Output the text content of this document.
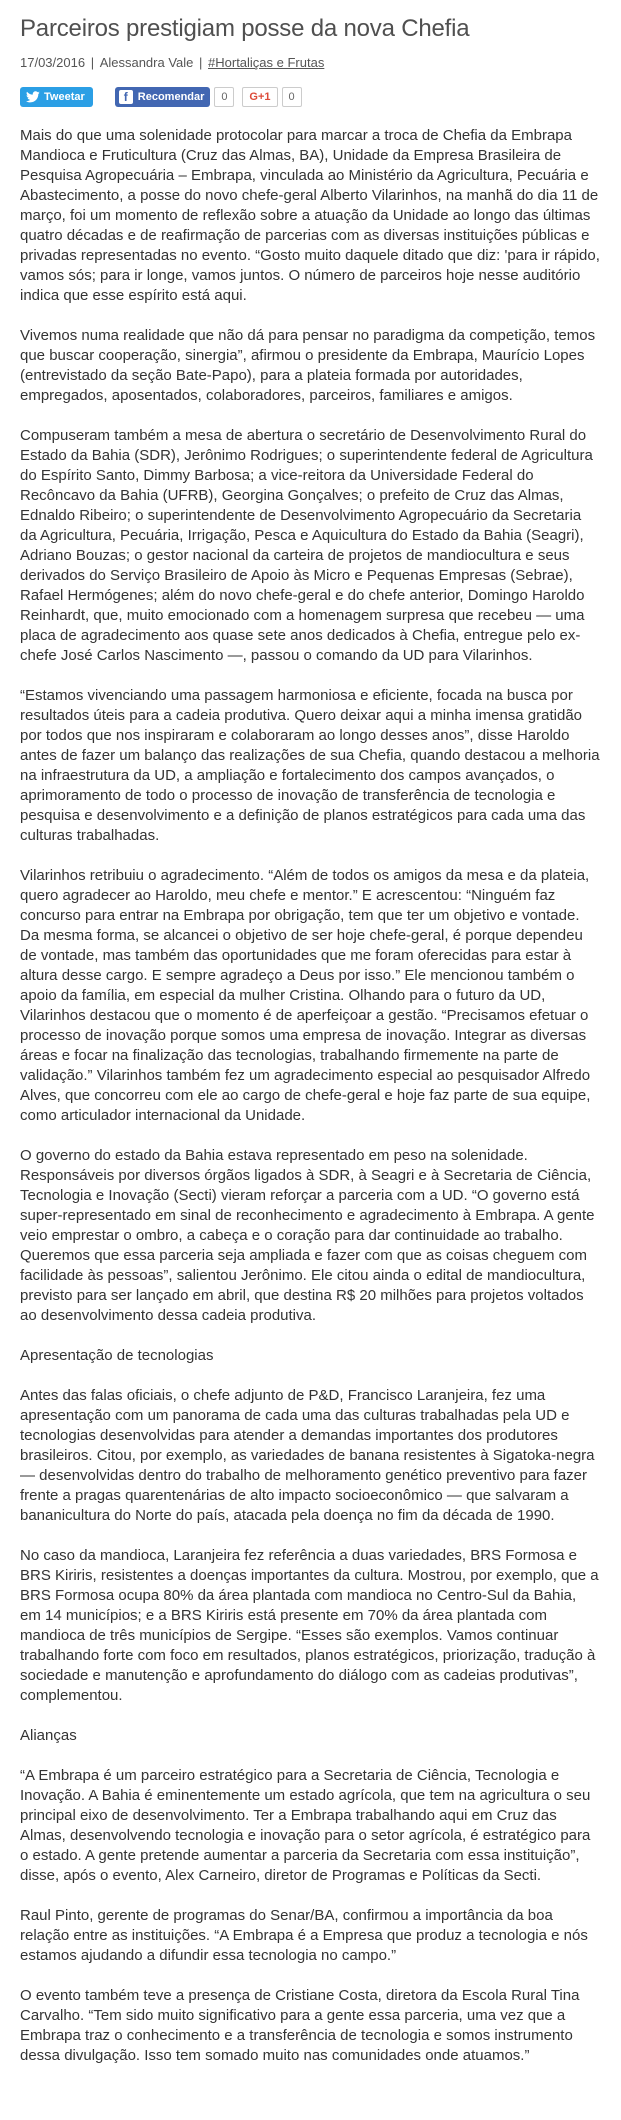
Parceiros prestigiam posse da nova Chefia
17/03/2016 | Alessandra Vale | #Hortaliças e Frutas
Tweetar	f Recomendar	0	G+1	0

Mais do que uma solenidade protocolar para marcar a troca de Chefia da Embrapa Mandioca e Fruticultura (Cruz das Almas, BA), Unidade da Empresa Brasileira de Pesquisa Agropecuária – Embrapa, vinculada ao Ministério da Agricultura, Pecuária e Abastecimento, a posse do novo chefe-geral Alberto Vilarinhos, na manhã do dia 11 de março, foi um momento de reflexão sobre a atuação da Unidade ao longo das últimas quatro décadas e de reafirmação de parcerias com as diversas instituições públicas e privadas representadas no evento. “Gosto muito daquele ditado que diz: 'para ir rápido, vamos sós; para ir longe, vamos juntos. O número de parceiros hoje nesse auditório indica que esse espírito está aqui.

Vivemos numa realidade que não dá para pensar no paradigma da competição, temos que buscar cooperação, sinergia”, afirmou o presidente da Embrapa, Maurício Lopes (entrevistado da seção Bate-Papo), para a plateia formada por autoridades, empregados, aposentados, colaboradores, parceiros, familiares e amigos.

Compuseram também a mesa de abertura o secretário de Desenvolvimento Rural do Estado da Bahia (SDR), Jerônimo Rodrigues; o superintendente federal de Agricultura do Espírito Santo, Dimmy Barbosa; a vice-reitora da Universidade Federal do Recôncavo da Bahia (UFRB), Georgina Gonçalves; o prefeito de Cruz das Almas, Ednaldo Ribeiro; o superintendente de Desenvolvimento Agropecuário da Secretaria da Agricultura, Pecuária, Irrigação, Pesca e Aquicultura do Estado da Bahia (Seagri), Adriano Bouzas; o gestor nacional da carteira de projetos de mandiocultura e seus derivados do Serviço Brasileiro de Apoio às Micro e Pequenas Empresas (Sebrae), Rafael Hermógenes; além do novo chefe-geral e do chefe anterior, Domingo Haroldo Reinhardt, que, muito emocionado com a homenagem surpresa que recebeu — uma placa de agradecimento aos quase sete anos dedicados à Chefia, entregue pelo ex-chefe José Carlos Nascimento —, passou o comando da UD para Vilarinhos.

“Estamos vivenciando uma passagem harmoniosa e eficiente, focada na busca por resultados úteis para a cadeia produtiva. Quero deixar aqui a minha imensa gratidão por todos que nos inspiraram e colaboraram ao longo desses anos”, disse Haroldo antes de fazer um balanço das realizações de sua Chefia, quando destacou a melhoria na infraestrutura da UD, a ampliação e fortalecimento dos campos avançados, o aprimoramento de todo o processo de inovação de transferência de tecnologia e pesquisa e desenvolvimento e a definição de planos estratégicos para cada uma das culturas trabalhadas.

Vilarinhos retribuiu o agradecimento. “Além de todos os amigos da mesa e da plateia, quero agradecer ao Haroldo, meu chefe e mentor.” E acrescentou: “Ninguém faz concurso para entrar na Embrapa por obrigação, tem que ter um objetivo e vontade. Da mesma forma, se alcancei o objetivo de ser hoje chefe-geral, é porque dependeu de vontade, mas também das oportunidades que me foram oferecidas para estar à altura desse cargo. E sempre agradeço a Deus por isso.” Ele mencionou também o apoio da família, em especial da mulher Cristina. Olhando para o futuro da UD, Vilarinhos destacou que o momento é de aperfeiçoar a gestão. “Precisamos efetuar o processo de inovação porque somos uma empresa de inovação. Integrar as diversas áreas e focar na finalização das tecnologias, trabalhando firmemente na parte de validação.” Vilarinhos também fez um agradecimento especial ao pesquisador Alfredo Alves, que concorreu com ele ao cargo de chefe-geral e hoje faz parte de sua equipe, como articulador internacional da Unidade.

O governo do estado da Bahia estava representado em peso na solenidade. Responsáveis por diversos órgãos ligados à SDR, à Seagri e à Secretaria de Ciência, Tecnologia e Inovação (Secti) vieram reforçar a parceria com a UD. “O governo está super-representado em sinal de reconhecimento e agradecimento à Embrapa. A gente veio emprestar o ombro, a cabeça e o coração para dar continuidade ao trabalho. Queremos que essa parceria seja ampliada e fazer com que as coisas cheguem com facilidade às pessoas”, salientou Jerônimo. Ele citou ainda o edital de mandiocultura, previsto para ser lançado em abril, que destina R$ 20 milhões para projetos voltados ao desenvolvimento dessa cadeia produtiva.

Apresentação de tecnologias

Antes das falas oficiais, o chefe adjunto de P&D, Francisco Laranjeira, fez uma apresentação com um panorama de cada uma das culturas trabalhadas pela UD e tecnologias desenvolvidas para atender a demandas importantes dos produtores brasileiros. Citou, por exemplo, as variedades de banana resistentes à Sigatoka-negra — desenvolvidas dentro do trabalho de melhoramento genético preventivo para fazer frente a pragas quarentenárias de alto impacto socioeconômico — que salvaram a bananicultura do Norte do país, atacada pela doença no fim da década de 1990.

No caso da mandioca, Laranjeira fez referência a duas variedades, BRS Formosa e BRS Kiriris, resistentes a doenças importantes da cultura. Mostrou, por exemplo, que a BRS Formosa ocupa 80% da área plantada com mandioca no Centro-Sul da Bahia, em 14 municípios; e a BRS Kiriris está presente em 70% da área plantada com mandioca de três municípios de Sergipe. “Esses são exemplos. Vamos continuar trabalhando forte com foco em resultados, planos estratégicos, priorização, tradução à sociedade e manutenção e aprofundamento do diálogo com as cadeias produtivas”, complementou.

Alianças

“A Embrapa é um parceiro estratégico para a Secretaria de Ciência, Tecnologia e Inovação. A Bahia é eminentemente um estado agrícola, que tem na agricultura o seu principal eixo de desenvolvimento. Ter a Embrapa trabalhando aqui em Cruz das Almas, desenvolvendo tecnologia e inovação para o setor agrícola, é estratégico para o estado. A gente pretende aumentar a parceria da Secretaria com essa instituição”, disse, após o evento, Alex Carneiro, diretor de Programas e Políticas da Secti.

Raul Pinto, gerente de programas do Senar/BA, confirmou a importância da boa relação entre as instituições. “A Embrapa é a Empresa que produz a tecnologia e nós estamos ajudando a difundir essa tecnologia no campo.”

O evento também teve a presença de Cristiane Costa, diretora da Escola Rural Tina Carvalho. “Tem sido muito significativo para a gente essa parceria, uma vez que a Embrapa traz o conhecimento e a transferência de tecnologia e somos instrumento dessa divulgação. Isso tem somado muito nas comunidades onde atuamos.”
